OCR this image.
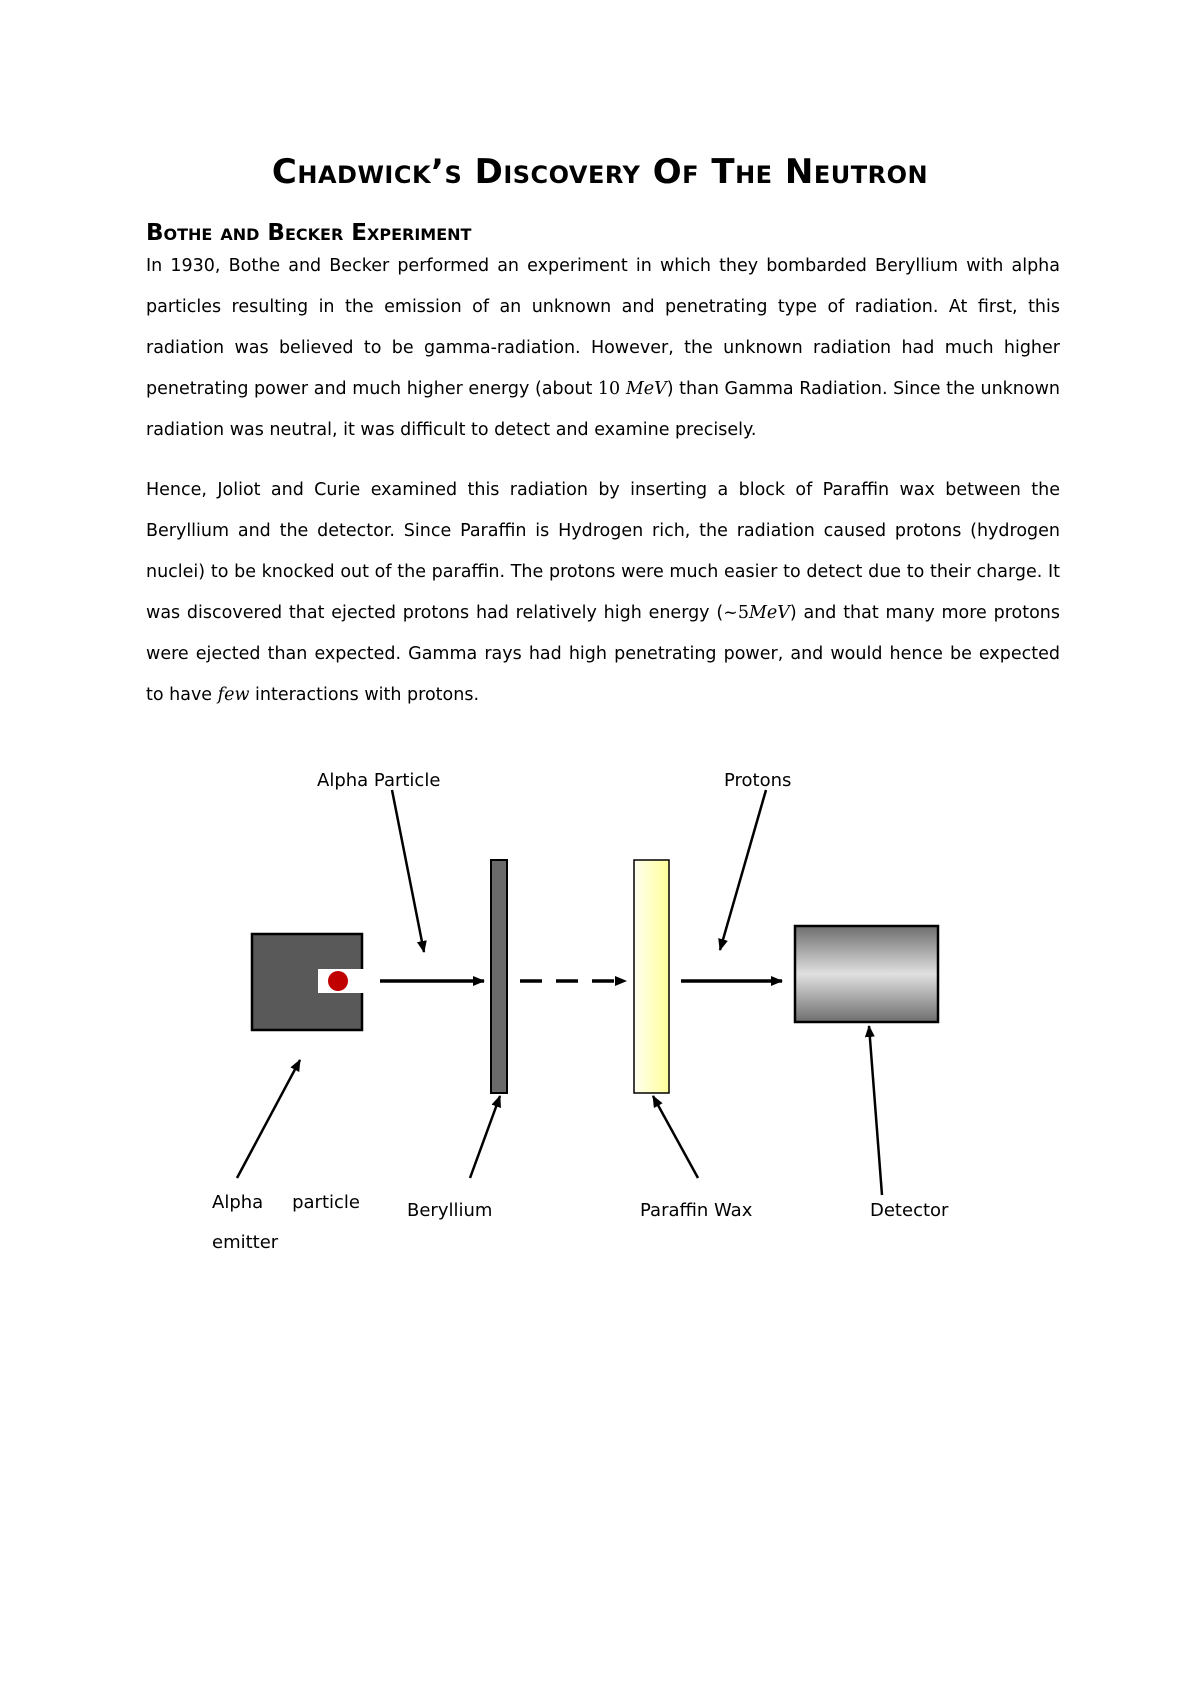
Chadwick’s Discovery Of The Neutron
Bothe and Becker Experiment
In 1930, Bothe and Becker performed an experiment in which they bombarded Beryllium with alpha particles resulting in the emission of an unknown and penetrating type of radiation. At first, this radiation was believed to be gamma-radiation. However, the unknown radiation had much higher penetrating power and much higher energy (about 10 MeV) than Gamma Radiation. Since the unknown radiation was neutral, it was difficult to detect and examine precisely.
Hence, Joliot and Curie examined this radiation by inserting a block of Paraffin wax between the Beryllium and the detector. Since Paraffin is Hydrogen rich, the radiation caused protons (hydrogen nuclei) to be knocked out of the paraffin. The protons were much easier to detect due to their charge. It was discovered that ejected protons had relatively high energy (~5MeV) and that many more protons were ejected than expected. Gamma rays had high penetrating power, and would hence be expected to have few interactions with protons.
Alpha Particle	Protons
Alpha particle emitter
Beryllium	Paraffin Wax	Detector
